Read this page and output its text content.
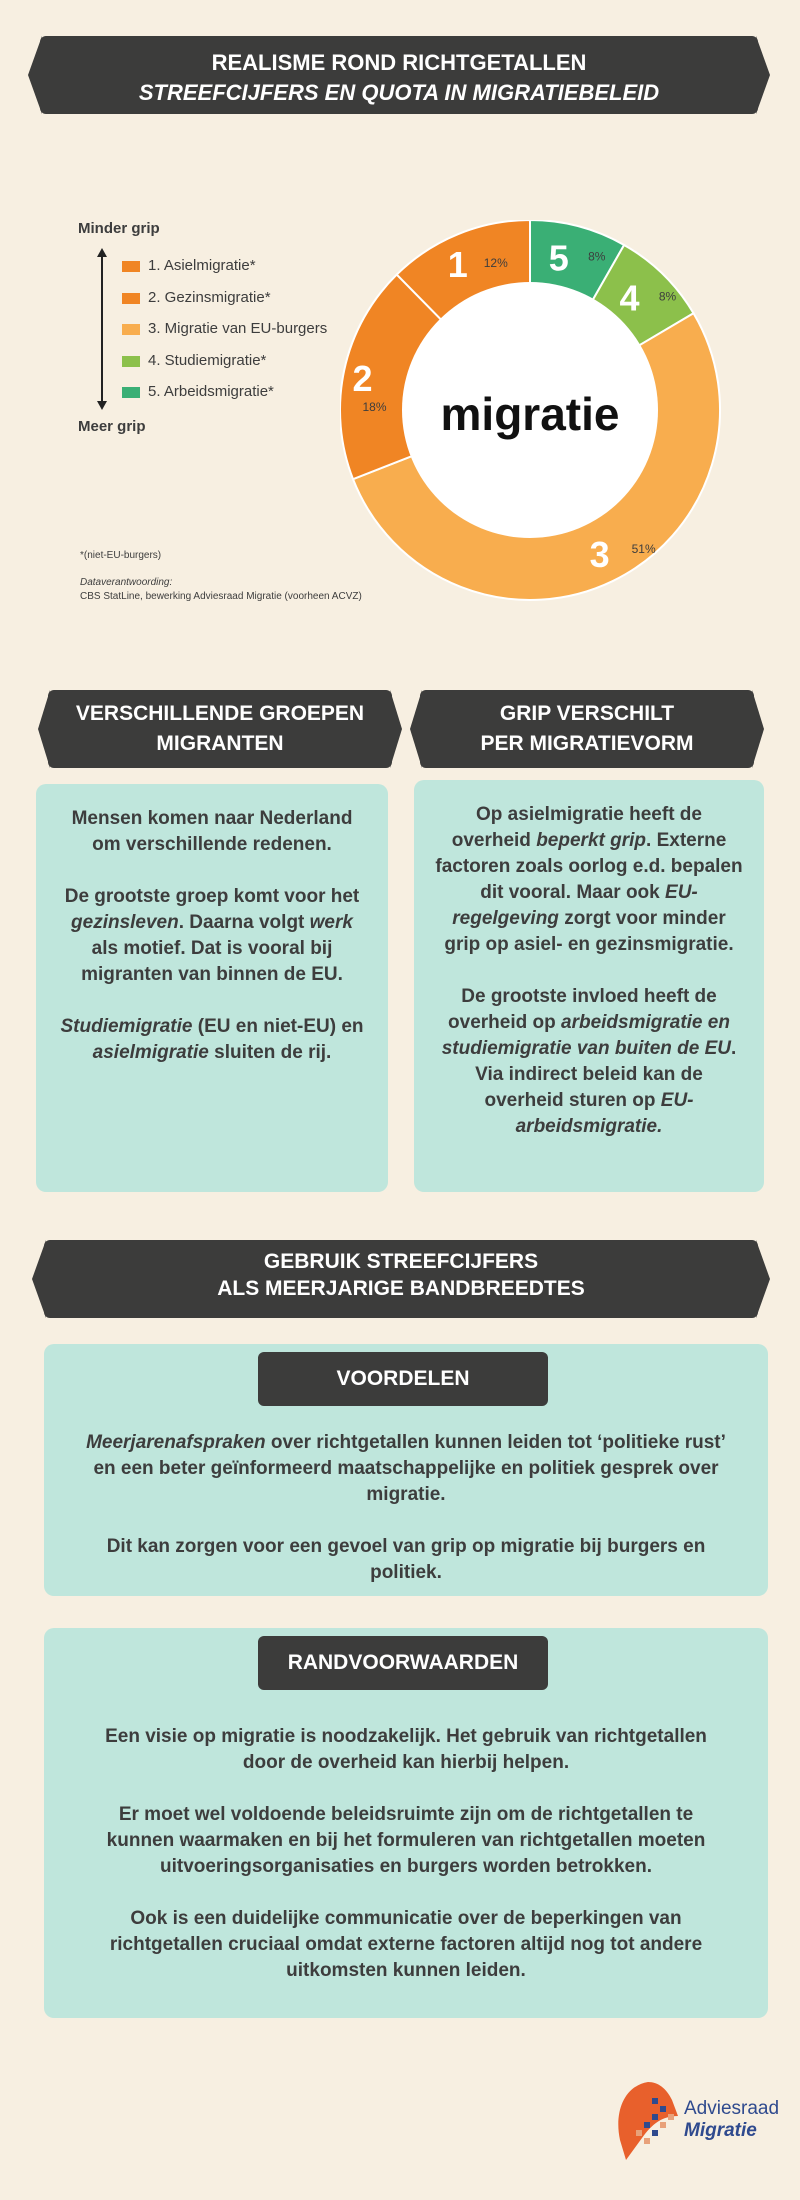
REALISME ROND RICHTGETALLEN
STREEFCIJFERS EN QUOTA IN MIGRATIEBELEID
Minder grip
1. Asielmigratie*
2. Gezinsmigratie*
3. Migratie van EU-burgers
4. Studiemigratie*
5. Arbeidsmigratie*
Meer grip
*(niet-EU-burgers)
Dataverantwoording:
CBS StatLine, bewerking Adviesraad Migratie (voorheen ACVZ)
migratie
5 8%
4 8%
3 51%
2
18%
1 12%
VERSCHILLENDE GROEPEN
MIGRANTEN

Mensen komen naar Nederland om verschillende redenen.

De grootste groep komt voor het gezinsleven. Daarna volgt werk als motief. Dat is vooral bij migranten van binnen de EU.

Studiemigratie (EU en niet-EU) en asielmigratie sluiten de rij.

GRIP VERSCHILT
PER MIGRATIEVORM

Op asielmigratie heeft de overheid beperkt grip. Externe factoren zoals oorlog e.d. bepalen dit vooral. Maar ook EU-regelgeving zorgt voor minder grip op asiel- en gezinsmigratie.

De grootste invloed heeft de overheid op arbeidsmigratie en studiemigratie van buiten de EU. Via indirect beleid kan de overheid sturen op EU-arbeidsmigratie.

GEBRUIK STREEFCIJFERS
ALS MEERJARIGE BANDBREEDTES

Meerjarenafspraken over richtgetallen kunnen leiden tot ‘politieke rust’ en een beter geïnformeerd maatschappelijke en politiek gesprek over migratie.

Dit kan zorgen voor een gevoel van grip op migratie bij burgers en politiek.

VOORDELEN

Een visie op migratie is noodzakelijk. Het gebruik van richtgetallen door de overheid kan hierbij helpen.

Er moet wel voldoende beleidsruimte zijn om de richtgetallen te kunnen waarmaken en bij het formuleren van richtgetallen moeten uitvoeringsorganisaties en burgers worden betrokken.

Ook is een duidelijke communicatie over de beperkingen van richtgetallen cruciaal omdat externe factoren altijd nog tot andere uitkomsten kunnen leiden.

RANDVOORWAARDEN
Adviesraad
Migratie
